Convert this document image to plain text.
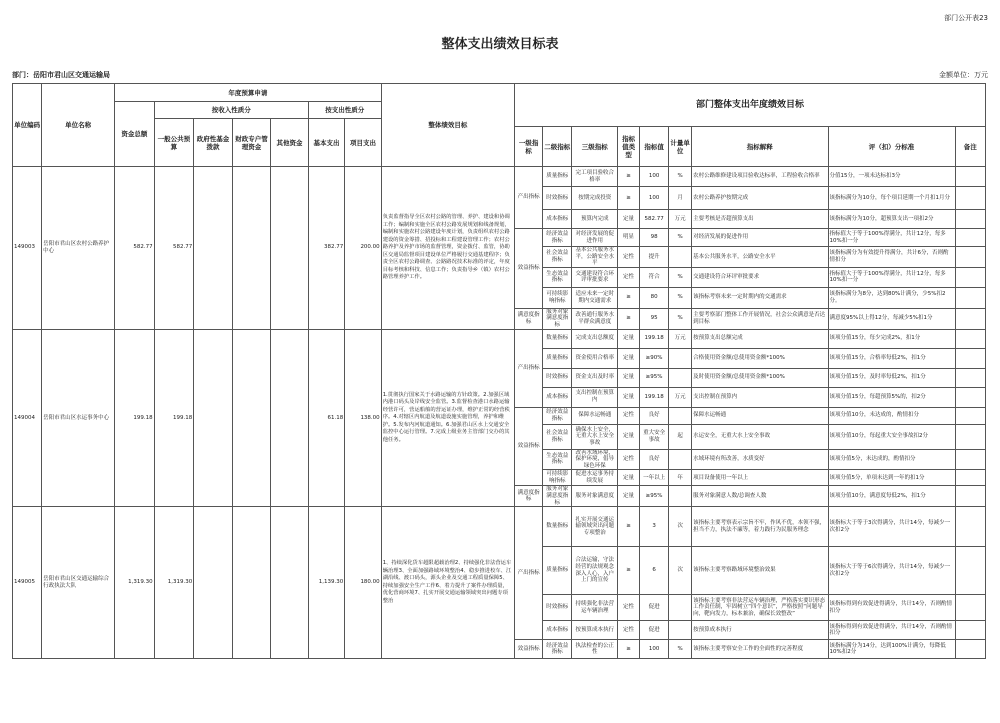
部门公开表23
整体支出绩效目标表
部门：岳阳市君山区交通运输局	金额单位：万元
单位编码	单位名称	年度预算申请							整体绩效目标	部门整体支出年度绩效目标								
		资金总额	按收入性质分				按支出性质分											
			一般公共预算	政府性基金拨款	财政专户管理资金	其他资金	基本支出	项目支出										
										一级指标	二级指标	三级指标	指标值类型	指标值	计量单位	指标解释	评（扣）分标准	备注
149003	岳阳市君山区农村公路养护中心	582.77	582.77				382.77	200.00	负责监督指导全区农村公路的管理、养护、建设和协调工作；编制和实施全区农村公路发展规划和线备规划，编制和实施农村公路建设年度计划，负责组织农村公路建设的资金筹措、招投标和工程建设管理工作；农村公路养护及养护市场的监督管理，资金拨付、监管，协助区交通局监督项目建设单位严格履行交通基建程序；负责全区农村公路调查、公路路况技术标准的评定，年度目标考核和科技、信息工作；负责指导乡（镇）农村公路管理养护工作。	产出指标	质量指标	完工项目验收合格率	≥	100	%	农村公路维修建设项目验收达标率，工程验收合格率	分值15分，一项未达标扣3分	
											时效指标	按期完成投资	≥	100	月	农村公路养护按期完成	该指标满分为10分，每个项目延期一个月扣1月分	
											成本指标	预算内完成	定量	582.77	万元	主要考核是否超预算支出	该指标满分为10分，超预算支出一项扣2分	
										效益指标	经济效益指标	对经济发展的促进作用	明显	98	%	对经济发展的促进作用	指标值大于等于100%得满分，共计12分，每多10%扣一分	
											社会效益指标	基本公共服务水平，公路安全水平	定性	提升		基本公共服务水平，公路安全水平	该指标满分为有效提升得满分，共计6分，否则酌情扣分	
											生态效益指标	交通建设符合环评审批要求	定性	符合	%	交通建设符合环评审批要求	指标值大于等于100%得满分，共计12分，每多10%扣一分	
											可持续影响指标	适应未来一定时期内交通需求	≥	80	%	该指标考察未来一定时期内的交通需求	该指标满分为8分，达到80%计满分，少5%扣2分。	
										满意度指标	服务对象满意度指标	改善通行服务水平群众满意度	≥	95	%	主要考察部门整体工作开展情况，社会公众满意是否达到目标	满意度95%以上得12分，每减少5%扣1分	
149004	岳阳市君山区水运事务中心	199.18	199.18				61.18	138.00	1.贯彻执行国家关于水路运输的方针政策。2.加强区域内港口码头及岸线安全监管。3.监督检查港口水路运输经营许可，营运船舶的营运证办理，维护正常的经营秩序。4.对辖区内航道及航道设施实施管理，养护和维护。5.发布内河航道通知。6.加强君山区水上交通安全监控中心运行管理。7.完成上级业务主管部门交办的其他任务。	产出指标	数量指标	完成支出总额度	定量	199.18	万元	按预算支出总额完成	该项分值15分，每少完成2%，扣1分	
											质量指标	资金使用合格率	定量	≥90%		合格使用资金额/总使用资金额*100%	该项分值15分，合格率每低2%，扣1分	
											时效指标	资金支出及时率	定量	≥95%		及时使用资金额/总使用资金额*100%	该项分值15分，及时率每低2%，扣1分	
											成本指标	支出控制在预算内	定量	199.18	万元	支出控制在预算内	该项分值15分，每超预算5%的，扣2分	
										效益指标	经济效益指标	保障水运畅通	定性	良好		保障水运畅通	该项分值10分，未达成的，酌情扣分	
											社会效益指标	确保水上安全，无重大水上安全事故	定量	重大安全事故	起	水运安全，无重大水上安全事故	该项分值10分，每起重大安全事故扣2分	
											生态效益指标	改善水域环境，保护环境，倡导绿色环保	定性	良好		水域环境有所改善，水质变好	该项分值5分，未达成的，酌情扣分	
											可持续影响指标	促进水运事务持续发展	定量	一年以上	年	项目设备使用一年以上	该项分值5分，单项未达到一年的扣1分	
										满意度指标	服务对象满意度指标	服务对象满意度	定量	≥95%		服务对象满意人数/总调查人数	该项分值10分，满意度每低2%，扣1分	
149005	岳阳市君山区交通运输综合行政执法大队	1,319.30	1,319.30				1,139.30	180.00	1、持续深化货车超限超载治理2、持续强化非法营运车辆治理3、全面加强路域环境整治4、稳步推进校车、江湖沿线、渡口码头，源头企业及交通工程质量保障5、持续加强安全生产工作6、着力提升了案件办理质量，优化营商环境7、扎实开展交通运输领域突出问题专项整治	产出指标	数量指标	扎实开展交通运输领域突出问题专项整治	≥	3	次	该指标主要考察表示宗旨不牢，作风不优，本领不强，担当不力，执法不廉等，着力践行为民服务理念	该指标大于等于3次得满分，共计14分，每减少一次扣2分	
											质量指标	合法运输，守法经营的法规观念深入人心，入户上门的宣传	≥	6	次	该指标主要考察路域环境整治效果	该指标大于等于6次得满分，共计14分，每减少一次扣2分	
											时效指标	持续强化非法营运车辆治理	定性	促进		该指标主要考察非法营运车辆治理，严格落实要识形态工作责任制，牢固树立“四个意识”，严格按照“问题导向，靶向发力，标本兼治，确保长效整改”	该指标得到有效促进得满分，共计14分，否则酌情扣分	
											成本指标	按预算成本执行	定性	促进		按预算成本执行	该指标得到有效促进得满分，共计14分，否则酌情扣分	
										效益指标	经济效益指标	执法检查的公正性	≥	100	%	该指标主要考察安全工作的全面性的完善程度	该指标满分为14分，达到100%计满分，每降低10%扣2分	
